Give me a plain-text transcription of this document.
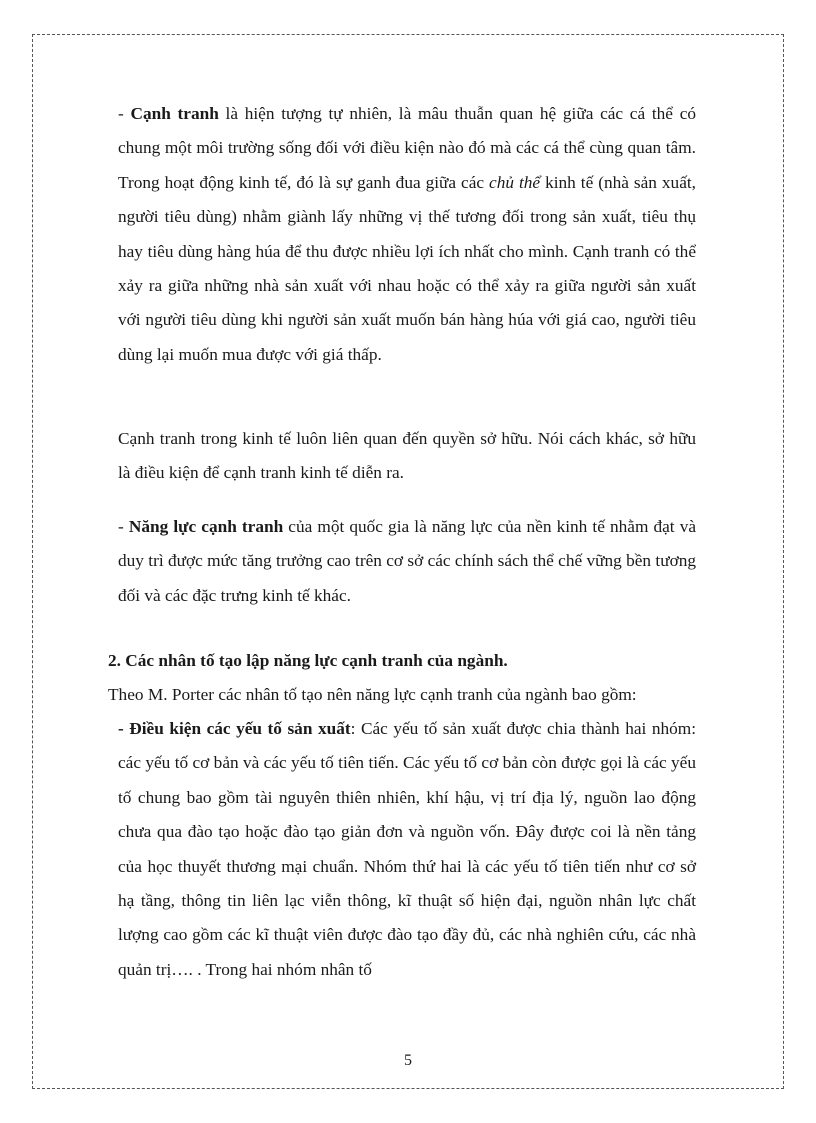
- Cạnh tranh là hiện tượng tự nhiên, là mâu thuẫn quan hệ giữa các cá thể có chung một môi trường sống đối với điều kiện nào đó mà các cá thể cùng quan tâm. Trong hoạt động kinh tế, đó là sự ganh đua giữa các chủ thể kinh tế (nhà sản xuất, người tiêu dùng) nhằm giành lấy những vị thế tương đối trong sản xuất, tiêu thụ hay tiêu dùng hàng húa để thu được nhiều lợi ích nhất cho mình. Cạnh tranh có thể xảy ra giữa những nhà sản xuất với nhau hoặc có thể xảy ra giữa người sản xuất với người tiêu dùng khi người sản xuất muốn bán hàng húa với giá cao, người tiêu dùng lại muốn mua được với giá thấp.
Cạnh tranh trong kinh tế luôn liên quan đến quyền sở hữu. Nói cách khác, sở hữu là điều kiện để cạnh tranh kinh tế diễn ra.
- Năng lực cạnh tranh của một quốc gia là năng lực của nền kinh tế nhằm đạt và duy trì được mức tăng trưởng cao trên cơ sở các chính sách thể chế vững bền tương đối và các đặc trưng kinh tế khác.
2. Các nhân tố tạo lập năng lực cạnh tranh của ngành.
Theo M. Porter các nhân tố tạo nên năng lực cạnh tranh của ngành bao gồm:
- Điều kiện các yếu tố sản xuất: Các yếu tố sản xuất được chia thành hai nhóm: các yếu tố cơ bản và các yếu tố tiên tiến. Các yếu tố cơ bản còn được gọi là các yếu tố chung bao gồm tài nguyên thiên nhiên, khí hậu, vị trí địa lý, nguồn lao động chưa qua đào tạo hoặc đào tạo giản đơn và nguồn vốn. Đây được coi là nền tảng của học thuyết thương mại chuẩn. Nhóm thứ hai là các yếu tố tiên tiến như cơ sở hạ tầng, thông tin liên lạc viễn thông, kĩ thuật số hiện đại, nguồn nhân lực chất lượng cao gồm các kĩ thuật viên được đào tạo đầy đủ, các nhà nghiên cứu, các nhà quản trị…. . Trong hai nhóm nhân tố
5
